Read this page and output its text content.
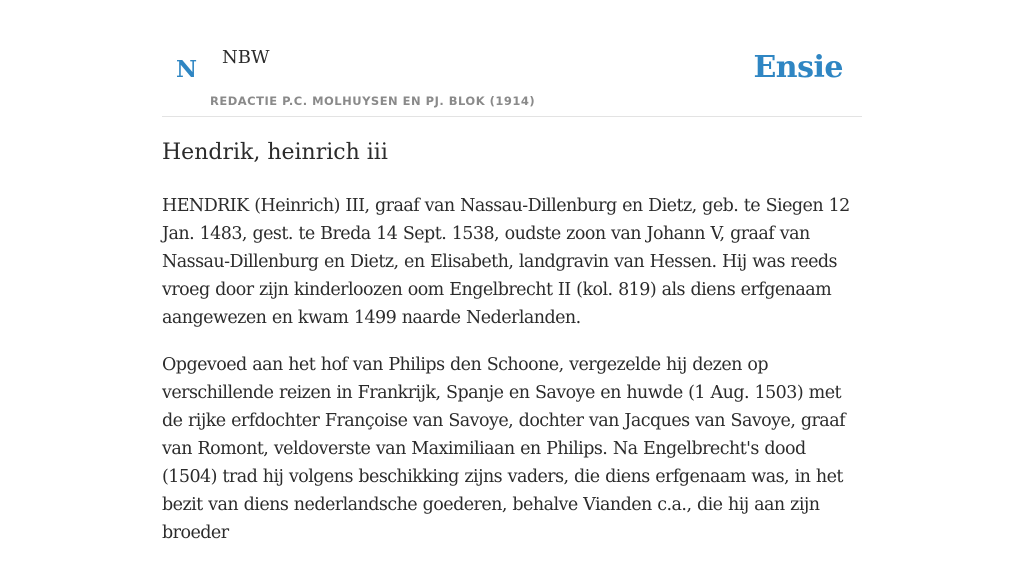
N NBW
REDACTIE P.C. MOLHUYSEN EN PJ. BLOK (1914)
Ensie
Hendrik, heinrich iii

HENDRIK (Heinrich) III, graaf van Nassau-Dillenburg en Dietz, geb. te Siegen 12 Jan. 1483, gest. te Breda 14 Sept. 1538, oudste zoon van Johann V, graaf van Nassau-Dillenburg en Dietz, en Elisabeth, landgravin van Hessen. Hij was reeds vroeg door zijn kinderloozen oom Engelbrecht II (kol. 819) als diens erfgenaam aangewezen en kwam 1499 naarde Nederlanden.

Opgevoed aan het hof van Philips den Schoone, vergezelde hij dezen op verschillende reizen in Frankrijk, Spanje en Savoye en huwde (1 Aug. 1503) met de rijke erfdochter Françoise van Savoye, dochter van Jacques van Savoye, graaf van Romont, veldoverste van Maximiliaan en Philips. Na Engelbrecht's dood (1504) trad hij volgens beschikking zijns vaders, die diens erfgenaam was, in het bezit van diens nederlandsche goederen, behalve Vianden c.a., die hij aan zijn broeder
